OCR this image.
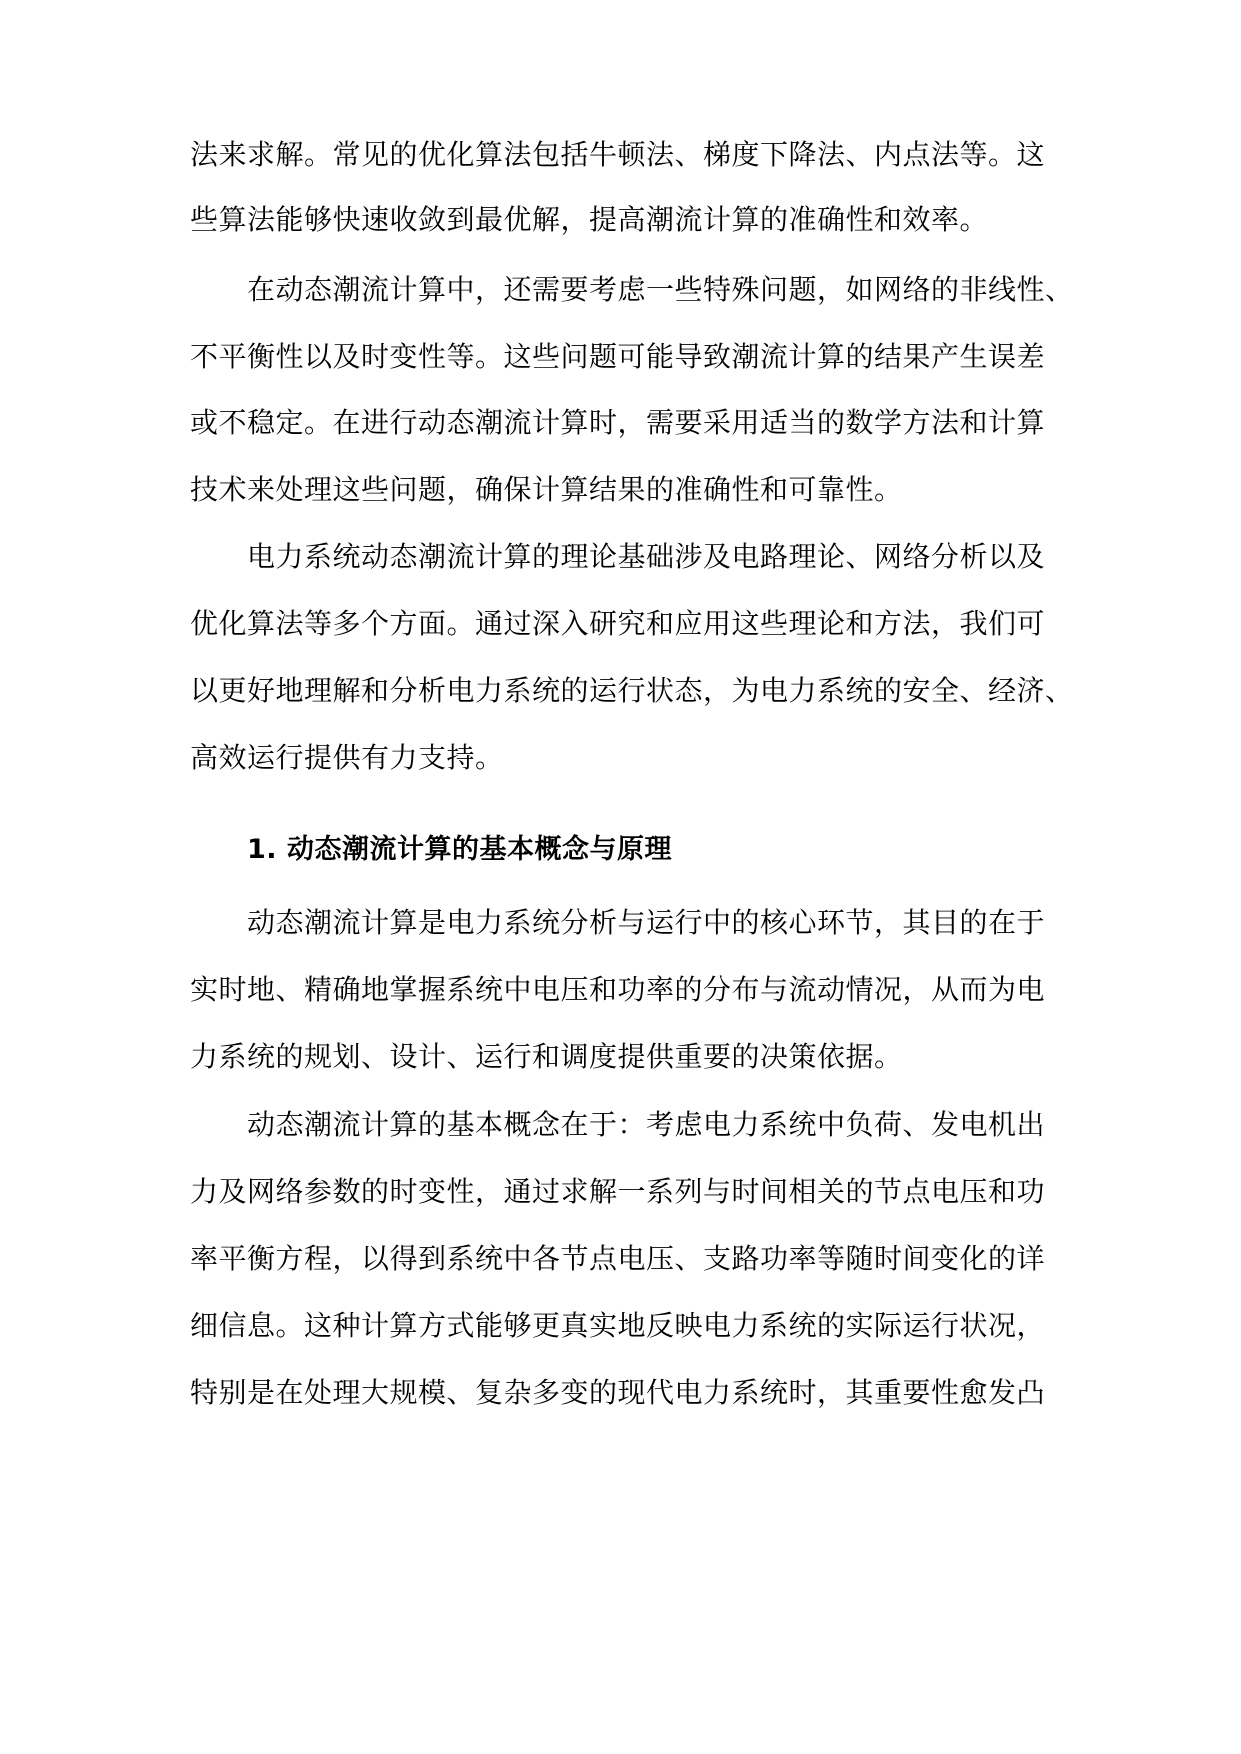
法来求解。常见的优化算法包括牛顿法、梯度下降法、内点法等。这
些算法能够快速收敛到最优解，提高潮流计算的准确性和效率。
在动态潮流计算中，还需要考虑一些特殊问题，如网络的非线性、
不平衡性以及时变性等。这些问题可能导致潮流计算的结果产生误差
或不稳定。在进行动态潮流计算时，需要采用适当的数学方法和计算
技术来处理这些问题，确保计算结果的准确性和可靠性。
电力系统动态潮流计算的理论基础涉及电路理论、网络分析以及
优化算法等多个方面。通过深入研究和应用这些理论和方法，我们可
以更好地理解和分析电力系统的运行状态，为电力系统的安全、经济、
高效运行提供有力支持。
1. 动态潮流计算的基本概念与原理
动态潮流计算是电力系统分析与运行中的核心环节，其目的在于
实时地、精确地掌握系统中电压和功率的分布与流动情况，从而为电
力系统的规划、设计、运行和调度提供重要的决策依据。
动态潮流计算的基本概念在于：考虑电力系统中负荷、发电机出
力及网络参数的时变性，通过求解一系列与时间相关的节点电压和功
率平衡方程，以得到系统中各节点电压、支路功率等随时间变化的详
细信息。这种计算方式能够更真实地反映电力系统的实际运行状况，
特别是在处理大规模、复杂多变的现代电力系统时，其重要性愈发凸
